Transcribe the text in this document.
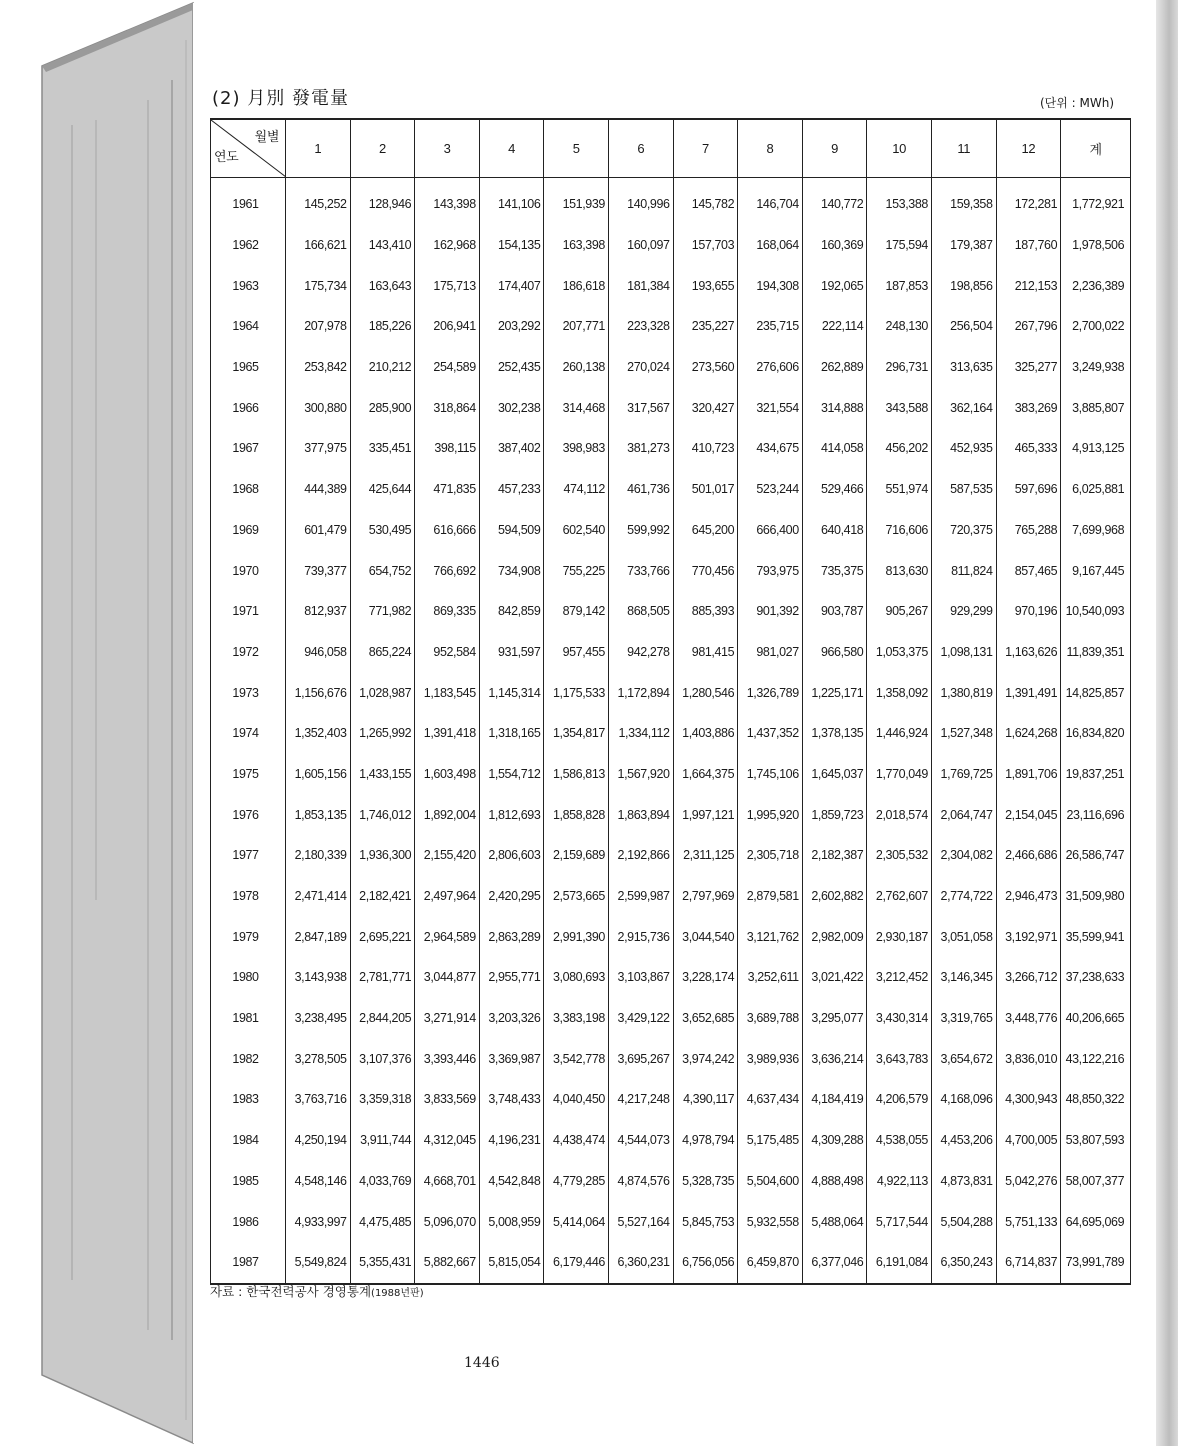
(2) 月別 發電量	(단위 : MWh)
월별
연도	1	2	3	4	5	6	7	8	9	10	11	12	계
1961	145,252	128,946	143,398	141,106	151,939	140,996	145,782	146,704	140,772	153,388	159,358	172,281	1,772,921
1962	166,621	143,410	162,968	154,135	163,398	160,097	157,703	168,064	160,369	175,594	179,387	187,760	1,978,506
1963	175,734	163,643	175,713	174,407	186,618	181,384	193,655	194,308	192,065	187,853	198,856	212,153	2,236,389
1964	207,978	185,226	206,941	203,292	207,771	223,328	235,227	235,715	222,114	248,130	256,504	267,796	2,700,022
1965	253,842	210,212	254,589	252,435	260,138	270,024	273,560	276,606	262,889	296,731	313,635	325,277	3,249,938
1966	300,880	285,900	318,864	302,238	314,468	317,567	320,427	321,554	314,888	343,588	362,164	383,269	3,885,807
1967	377,975	335,451	398,115	387,402	398,983	381,273	410,723	434,675	414,058	456,202	452,935	465,333	4,913,125
1968	444,389	425,644	471,835	457,233	474,112	461,736	501,017	523,244	529,466	551,974	587,535	597,696	6,025,881
1969	601,479	530,495	616,666	594,509	602,540	599,992	645,200	666,400	640,418	716,606	720,375	765,288	7,699,968
1970	739,377	654,752	766,692	734,908	755,225	733,766	770,456	793,975	735,375	813,630	811,824	857,465	9,167,445
1971	812,937	771,982	869,335	842,859	879,142	868,505	885,393	901,392	903,787	905,267	929,299	970,196	10,540,093
1972	946,058	865,224	952,584	931,597	957,455	942,278	981,415	981,027	966,580	1,053,375	1,098,131	1,163,626	11,839,351
1973	1,156,676	1,028,987	1,183,545	1,145,314	1,175,533	1,172,894	1,280,546	1,326,789	1,225,171	1,358,092	1,380,819	1,391,491	14,825,857
1974	1,352,403	1,265,992	1,391,418	1,318,165	1,354,817	1,334,112	1,403,886	1,437,352	1,378,135	1,446,924	1,527,348	1,624,268	16,834,820
1975	1,605,156	1,433,155	1,603,498	1,554,712	1,586,813	1,567,920	1,664,375	1,745,106	1,645,037	1,770,049	1,769,725	1,891,706	19,837,251
1976	1,853,135	1,746,012	1,892,004	1,812,693	1,858,828	1,863,894	1,997,121	1,995,920	1,859,723	2,018,574	2,064,747	2,154,045	23,116,696
1977	2,180,339	1,936,300	2,155,420	2,806,603	2,159,689	2,192,866	2,311,125	2,305,718	2,182,387	2,305,532	2,304,082	2,466,686	26,586,747
1978	2,471,414	2,182,421	2,497,964	2,420,295	2,573,665	2,599,987	2,797,969	2,879,581	2,602,882	2,762,607	2,774,722	2,946,473	31,509,980
1979	2,847,189	2,695,221	2,964,589	2,863,289	2,991,390	2,915,736	3,044,540	3,121,762	2,982,009	2,930,187	3,051,058	3,192,971	35,599,941
1980	3,143,938	2,781,771	3,044,877	2,955,771	3,080,693	3,103,867	3,228,174	3,252,611	3,021,422	3,212,452	3,146,345	3,266,712	37,238,633
1981	3,238,495	2,844,205	3,271,914	3,203,326	3,383,198	3,429,122	3,652,685	3,689,788	3,295,077	3,430,314	3,319,765	3,448,776	40,206,665
1982	3,278,505	3,107,376	3,393,446	3,369,987	3,542,778	3,695,267	3,974,242	3,989,936	3,636,214	3,643,783	3,654,672	3,836,010	43,122,216
1983	3,763,716	3,359,318	3,833,569	3,748,433	4,040,450	4,217,248	4,390,117	4,637,434	4,184,419	4,206,579	4,168,096	4,300,943	48,850,322
1984	4,250,194	3,911,744	4,312,045	4,196,231	4,438,474	4,544,073	4,978,794	5,175,485	4,309,288	4,538,055	4,453,206	4,700,005	53,807,593
1985	4,548,146	4,033,769	4,668,701	4,542,848	4,779,285	4,874,576	5,328,735	5,504,600	4,888,498	4,922,113	4,873,831	5,042,276	58,007,377
1986	4,933,997	4,475,485	5,096,070	5,008,959	5,414,064	5,527,164	5,845,753	5,932,558	5,488,064	5,717,544	5,504,288	5,751,133	64,695,069
1987	5,549,824	5,355,431	5,882,667	5,815,054	6,179,446	6,360,231	6,756,056	6,459,870	6,377,046	6,191,084	6,350,243	6,714,837	73,991,789
자료 : 한국전력공사 경영통계(1988년판)
1446
